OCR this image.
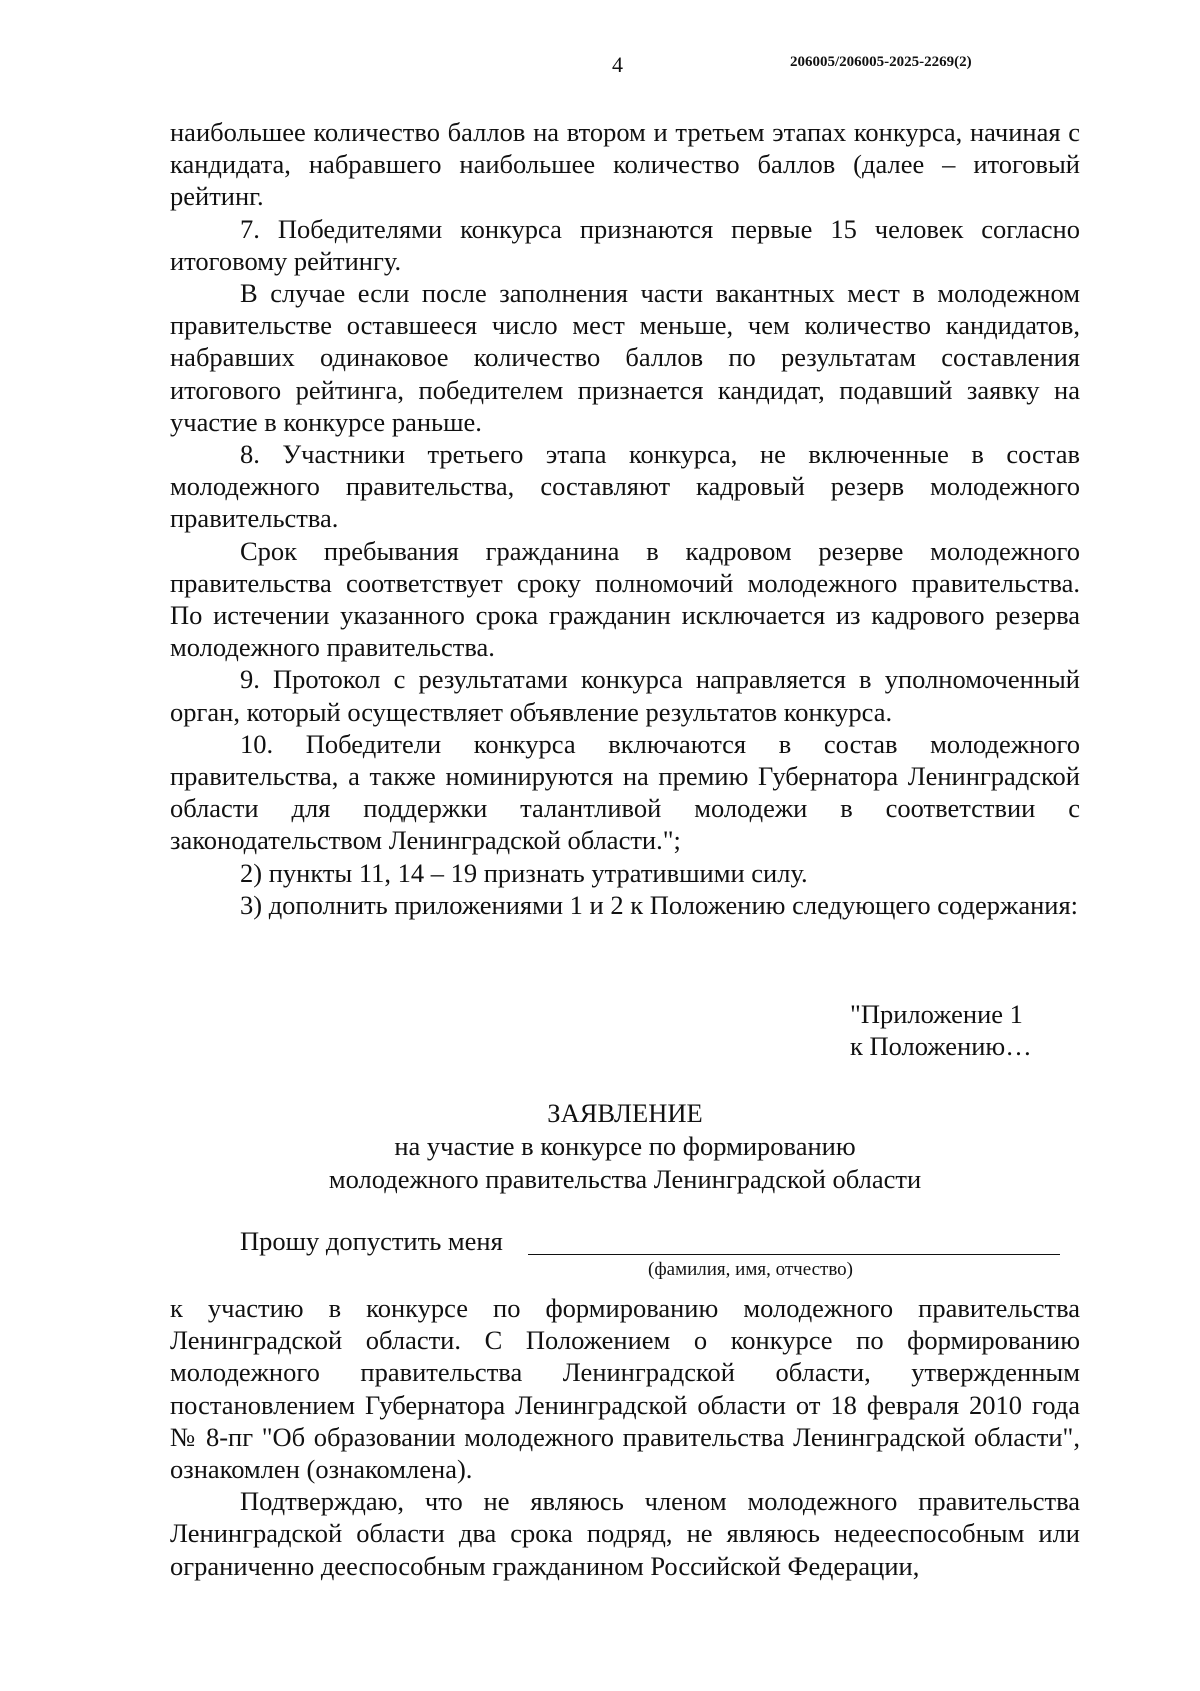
4	206005/206005-2025-2269(2)

наибольшее количество баллов на втором и третьем этапах конкурса, начиная с кандидата, набравшего наибольшее количество баллов (далее – итоговый рейтинг.

7. Победителями конкурса признаются первые 15 человек согласно итоговому рейтингу.

В случае если после заполнения части вакантных мест в молодежном правительстве оставшееся число мест меньше, чем количество кандидатов, набравших одинаковое количество баллов по результатам составления итогового рейтинга, победителем признается кандидат, подавший заявку на участие в конкурсе раньше.

8. Участники третьего этапа конкурса, не включенные в состав молодежного правительства, составляют кадровый резерв молодежного правительства.

Срок пребывания гражданина в кадровом резерве молодежного правительства соответствует сроку полномочий молодежного правительства. По истечении указанного срока гражданин исключается из кадрового резерва молодежного правительства.

9. Протокол с результатами конкурса направляется в уполномоченный орган, который осуществляет объявление результатов конкурса.

10. Победители конкурса включаются в состав молодежного правительства, а также номинируются на премию Губернатора Ленинградской области для поддержки талантливой молодежи в соответствии с законодательством Ленинградской области.";

2) пункты 11, 14 – 19 признать утратившими силу.

3) дополнить приложениями 1 и 2 к Положению следующего содержания:

"Приложение 1
к Положению…
ЗАЯВЛЕНИЕ
на участие в конкурсе по формированию
молодежного правительства Ленинградской области
Прошу допустить меня
(фамилия, имя, отчество)

к участию в конкурсе по формированию молодежного правительства Ленинградской области. С Положением о конкурсе по формированию молодежного правительства Ленинградской области, утвержденным постановлением Губернатора Ленинградской области от 18 февраля 2010 года № 8-пг "Об образовании молодежного правительства Ленинградской области", ознакомлен (ознакомлена).

Подтверждаю, что не являюсь членом молодежного правительства Ленинградской области два срока подряд, не являюсь недееспособным или ограниченно дееспособным гражданином Российской Федерации,
